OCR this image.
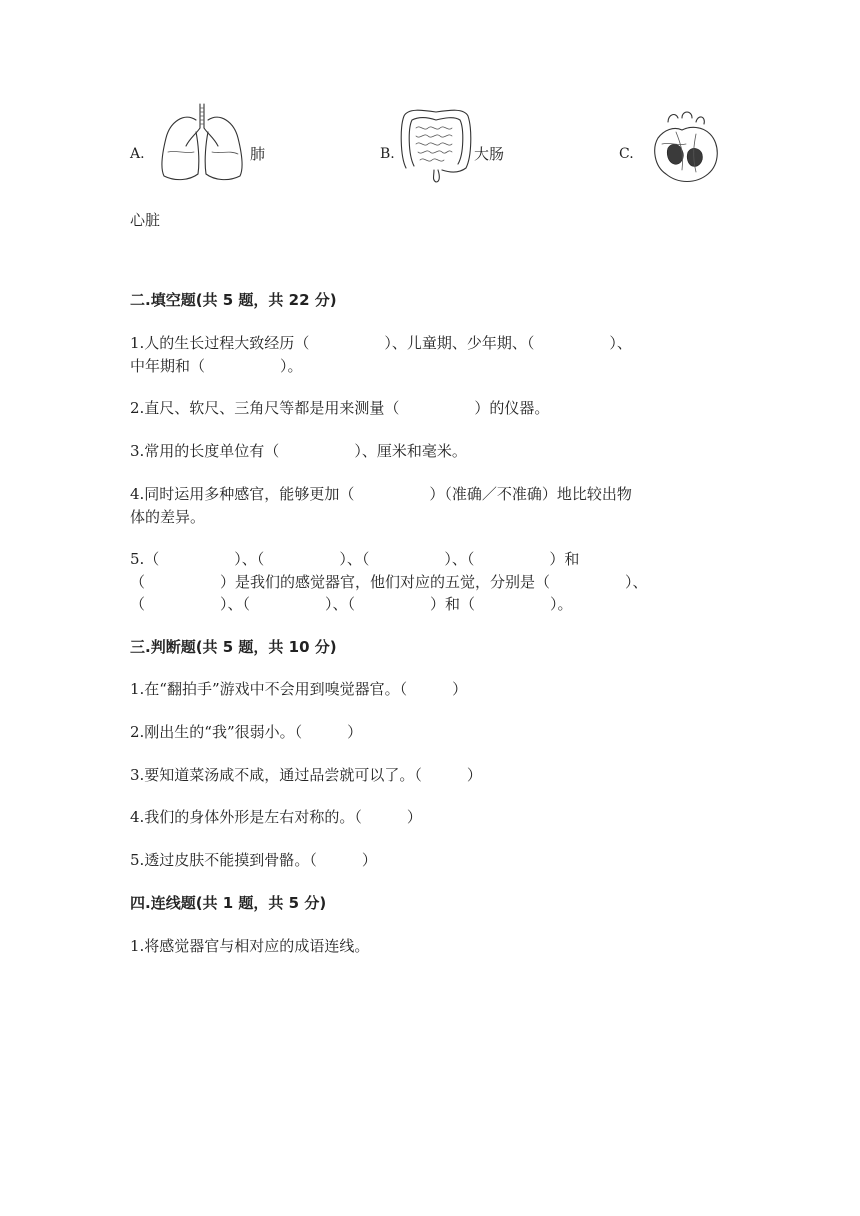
A.	肺	B.	大肠	C.
心脏
二.填空题(共 5 题，共 22 分)
1.人的生长过程大致经历（　　　　　）、儿童期、少年期、（　　　　　）、
中年期和（　　　　　）。
2.直尺、软尺、三角尺等都是用来测量（　　　　　）的仪器。
3.常用的长度单位有（　　　　　）、厘米和毫米。
4.同时运用多种感官，能够更加（　　　　　）（准确／不准确）地比较出物
体的差异。
5.（　　　　　）、（　　　　　）、（　　　　　）、（　　　　　）和
（　　　　　）是我们的感觉器官，他们对应的五觉，分别是（　　　　　）、
（　　　　　）、（　　　　　）、（　　　　　）和（　　　　　）。
三.判断题(共 5 题，共 10 分)
1.在“翻拍手”游戏中不会用到嗅觉器官。（　　　）
2.刚出生的“我”很弱小。（　　　）
3.要知道菜汤咸不咸，通过品尝就可以了。（　　　）
4.我们的身体外形是左右对称的。（　　　）
5.透过皮肤不能摸到骨骼。（　　　）
四.连线题(共 1 题，共 5 分)
1.将感觉器官与相对应的成语连线。
